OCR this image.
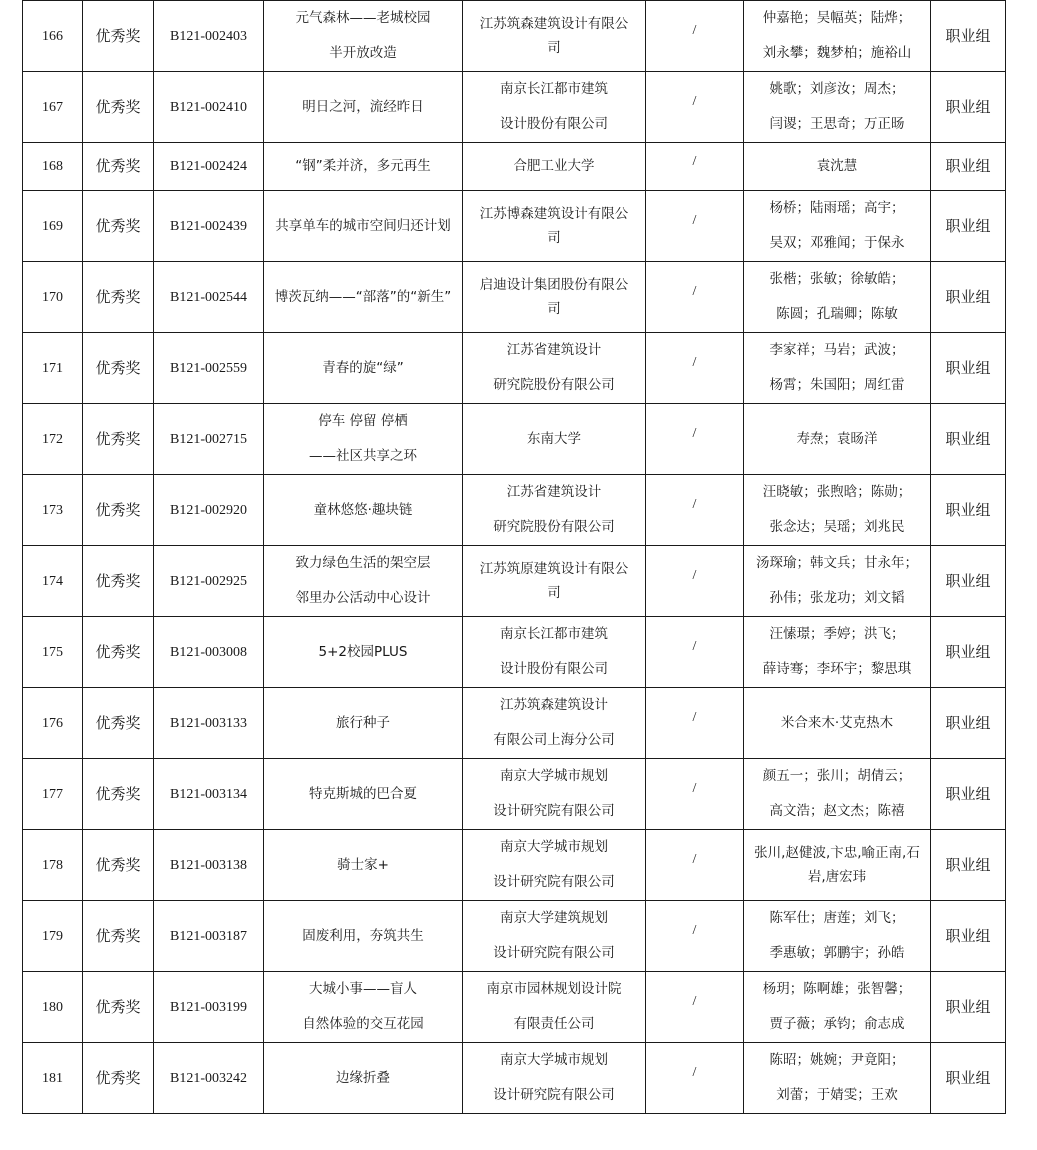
166	优秀奖	B121-002403	元气森林——老城校园
半开放改造	江苏筑森建筑设计有限公
司	/	仲嘉艳；吴幅英；陆烨；
刘永攀；魏梦柏；施裕山	职业组
167	优秀奖	B121-002410	明日之河，流经昨日	南京长江都市建筑
设计股份有限公司	/	姚歌；刘彦汝；周杰；
闫谡；王思奇；万正旸	职业组
168	优秀奖	B121-002424	“钢”柔并济，多元再生	合肥工业大学	/	袁沈慧	职业组
169	优秀奖	B121-002439	共享单车的城市空间归还计划	江苏博森建筑设计有限公
司	/	杨桥；陆雨瑶；高宇；
吴双；邓雅闻；于保永	职业组
170	优秀奖	B121-002544	博茨瓦纳——“部落”的“新生”	启迪设计集团股份有限公
司	/	张楷；张敏；徐敏皓；
陈圆；孔瑞卿；陈敏	职业组
171	优秀奖	B121-002559	青春的旋“绿”	江苏省建筑设计
研究院股份有限公司	/	李家祥；马岩；武波；
杨霄；朱国阳；周红雷	职业组
172	优秀奖	B121-002715	停车 停留 停栖
——社区共享之环	东南大学	/	寿焘；袁旸洋	职业组
173	优秀奖	B121-002920	童林悠悠·趣块链	江苏省建筑设计
研究院股份有限公司	/	汪晓敏；张煦晗；陈勋；
张念达；吴瑶；刘兆民	职业组
174	优秀奖	B121-002925	致力绿色生活的架空层
邻里办公活动中心设计	江苏筑原建筑设计有限公
司	/	汤琛瑜；韩文兵；甘永年；
孙伟；张龙功；刘文韬	职业组
175	优秀奖	B121-003008	5+2校园PLUS	南京长江都市建筑
设计股份有限公司	/	汪愫璟；季婷；洪飞；
薛诗骞；李环宇；黎思琪	职业组
176	优秀奖	B121-003133	旅行种子	江苏筑森建筑设计
有限公司上海分公司	/	米合来木·艾克热木	职业组
177	优秀奖	B121-003134	特克斯城的巴合夏	南京大学城市规划
设计研究院有限公司	/	颜五一；张川；胡倩云；
高文浩；赵文杰；陈禧	职业组
178	优秀奖	B121-003138	骑士家+	南京大学城市规划
设计研究院有限公司	/	张川,赵健波,卞忠,喻正南,石岩,唐宏玮	职业组
179	优秀奖	B121-003187	固废利用，夯筑共生	南京大学建筑规划
设计研究院有限公司	/	陈军仕；唐莲；刘飞；
季惠敏；郭鹏宇；孙皓	职业组
180	优秀奖	B121-003199	大城小事——盲人
自然体验的交互花园	南京市园林规划设计院
有限责任公司	/	杨玥；陈啊雄；张智馨；
贾子薇；承钧；俞志成	职业组
181	优秀奖	B121-003242	边缘折叠	南京大学城市规划
设计研究院有限公司	/	陈昭；姚婉；尹竟阳；
刘蕾；于婧雯；王欢	职业组
